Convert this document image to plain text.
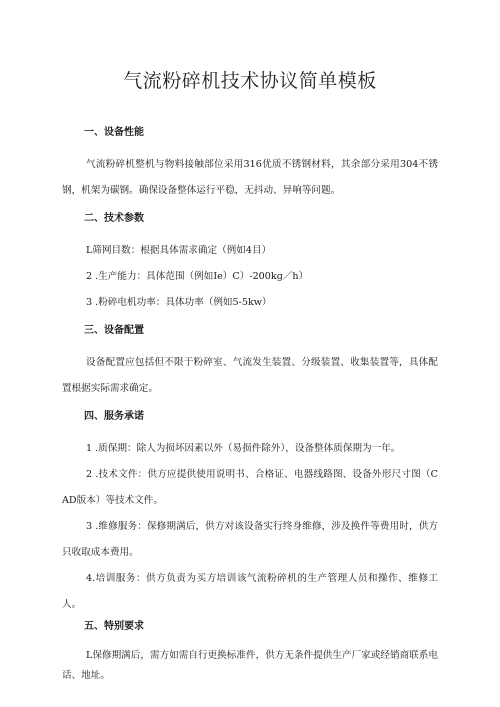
气流粉碎机技术协议简单模板
一、设备性能

气流粉碎机整机与物料接触部位采用316优质不锈钢材料，其余部分采用304不锈钢，机架为碳钢。确保设备整体运行平稳，无抖动、异响等问题。

二、技术参数

L筛网目数：根据具体需求确定（例如4目）

2 .生产能力：具体范围（例如Ie）C）-200kg／h）

3 .粉碎电机功率：具体功率（例如5-5kw）

三、设备配置

设备配置应包括但不限于粉碎室、气流发生装置、分级装置、收集装置等，具体配置根据实际需求确定。

四、服务承诺

1 .质保期：除人为损坏因素以外（易损件除外），设备整体质保期为一年。

2 .技术文件：供方应提供使用说明书、合格证、电器线路图、设备外形尺寸图（CAD版本）等技术文件。

3 .维修服务：保修期满后，供方对该设备实行终身维修，涉及换件等费用时，供方只收取成本费用。

4.培训服务：供方负责为买方培训该气流粉碎机的生产管理人员和操作、维修工人。

五、特别要求

L保修期满后，需方如需自行更换标准件，供方无条件提供生产厂家或经销商联系电话、地址。
